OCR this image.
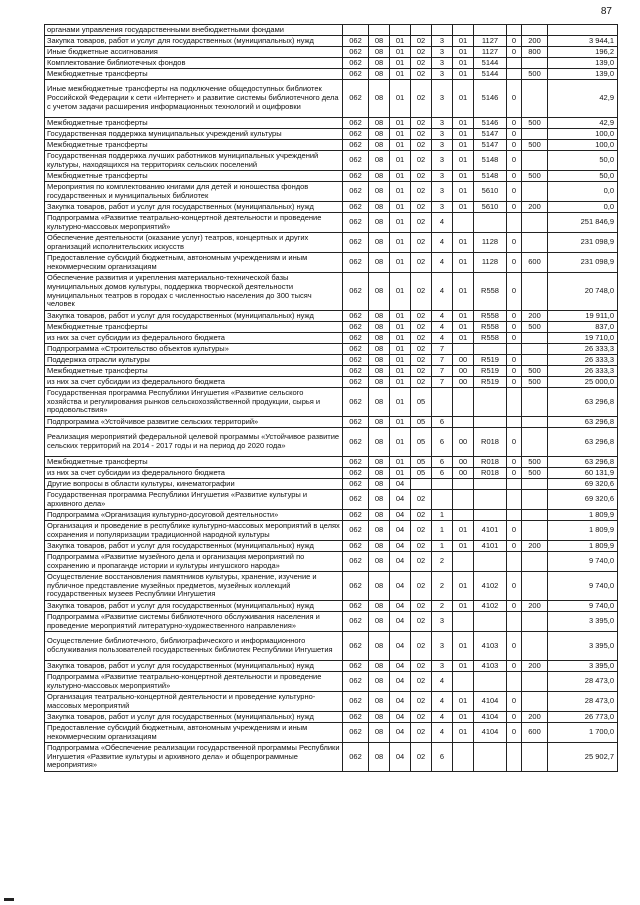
87
органами управления государственными внебюджетными фондами										
Закупка товаров, работ и услуг для государственных (муниципальных) нужд	062	08	01	02	3	01	1127	0	200	3 944,1
Иные бюджетные ассигнования	062	08	01	02	3	01	1127	0	800	196,2
Комплектование библиотечных фондов	062	08	01	02	3	01	5144			139,0
Межбюджетные трансферты	062	08	01	02	3	01	5144		500	139,0
Иные межбюджетные трансферты на подключение общедоступных библиотек Российской Федерации к сети «Интернет» и развитие системы библиотечного дела с учетом задачи расширения информационных технологий и оцифровки	062	08	01	02	3	01	5146	0		42,9
Межбюджетные трансферты	062	08	01	02	3	01	5146	0	500	42,9
Государственная поддержка муниципальных учреждений культуры	062	08	01	02	3	01	5147	0		100,0
Межбюджетные трансферты	062	08	01	02	3	01	5147	0	500	100,0
Государственная поддержка лучших работников муниципальных учреждений культуры, находящихся на территориях сельских поселений	062	08	01	02	3	01	5148	0		50,0
Межбюджетные трансферты	062	08	01	02	3	01	5148	0	500	50,0
Мероприятия по комплектованию книгами для детей и юношества фондов государственных и муниципальных библиотек	062	08	01	02	3	01	5610	0		0,0
Закупка товаров, работ и услуг для государственных (муниципальных) нужд	062	08	01	02	3	01	5610	0	200	0,0
Подпрограмма «Развитие театрально-концертной деятельности и проведение культурно-массовых мероприятий»	062	08	01	02	4					251 846,9
Обеспечение деятельности (оказание услуг) театров, концертных и других организаций исполнительских искусств	062	08	01	02	4	01	1128	0		231 098,9
Предоставление субсидий бюджетным, автономным учреждениям и иным некоммерческим организациям	062	08	01	02	4	01	1128	0	600	231 098,9
Обеспечение развития и укрепления материально-технической базы муниципальных домов культуры, поддержка творческой деятельности муниципальных театров в городах с численностью населения до 300 тысяч человек	062	08	01	02	4	01	R558	0		20 748,0
Закупка товаров, работ и услуг для государственных (муниципальных) нужд	062	08	01	02	4	01	R558	0	200	19 911,0
Межбюджетные трансферты	062	08	01	02	4	01	R558	0	500	837,0
из них за счет субсидии из федерального бюджета	062	08	01	02	4	01	R558	0		19 710,0
Подпрограмма «Строительство объектов культуры»	062	08	01	02	7					26 333,3
Поддержка отрасли культуры	062	08	01	02	7	00	R519	0		26 333,3
Межбюджетные трансферты	062	08	01	02	7	00	R519	0	500	26 333,3
из них за счет субсидии из федерального бюджета	062	08	01	02	7	00	R519	0	500	25 000,0
Государственная программа Республики Ингушетия «Развитие сельского хозяйства и регулирования рынков сельскохозяйственной продукции, сырья и продовольствия»	062	08	01	05						63 296,8
Подпрограмма «Устойчивое развитие сельских территорий»	062	08	01	05	6					63 296,8
Реализация мероприятий федеральной целевой программы «Устойчивое развитие сельских территорий на 2014 - 2017 годы и на период до 2020 года»	062	08	01	05	6	00	R018	0		63 296,8
Межбюджетные трансферты	062	08	01	05	6	00	R018	0	500	63 296,8
из них за счет субсидии из федерального бюджета	062	08	01	05	6	00	R018	0	500	60 131,9
Другие вопросы в области культуры, кинематографии	062	08	04							69 320,6
Государственная программа Республики Ингушетия «Развитие культуры и архивного дела»	062	08	04	02						69 320,6
Подпрограмма «Организация культурно-досуговой деятельности»	062	08	04	02	1					1 809,9
Организация и проведение в республике культурно-массовых мероприятий в целях сохранения и популяризации традиционной народной культуры	062	08	04	02	1	01	4101	0		1 809,9
Закупка товаров, работ и услуг для государственных (муниципальных) нужд	062	08	04	02	1	01	4101	0	200	1 809,9
Подпрограмма «Развитие музейного дела и организация мероприятий по сохранению и пропаганде истории и культуры ингушского народа»	062	08	04	02	2					9 740,0
Осуществление восстановления памятников культуры, хранение, изучение и публичное представление музейных предметов, музейных коллекций государственных музеев Республики Ингушетия	062	08	04	02	2	01	4102	0		9 740,0
Закупка товаров, работ и услуг для государственных (муниципальных) нужд	062	08	04	02	2	01	4102	0	200	9 740,0
Подпрограмма «Развитие системы библиотечного обслуживания населения и проведение мероприятий литературно-художественного направления»	062	08	04	02	3					3 395,0
Осуществление библиотечного, библиографического и информационного обслуживания пользователей государственных библиотек Республики Ингушетия	062	08	04	02	3	01	4103	0		3 395,0
Закупка товаров, работ и услуг для государственных (муниципальных) нужд	062	08	04	02	3	01	4103	0	200	3 395,0
Подпрограмма «Развитие театрально-концертной деятельности и проведение культурно-массовых мероприятий»	062	08	04	02	4					28 473,0
Организация театрально-концертной деятельности и проведение культурно-массовых мероприятий	062	08	04	02	4	01	4104	0		28 473,0
Закупка товаров, работ и услуг для государственных (муниципальных) нужд	062	08	04	02	4	01	4104	0	200	26 773,0
Предоставление субсидий бюджетным, автономным учреждениям и иным некоммерческим организациям	062	08	04	02	4	01	4104	0	600	1 700,0
Подпрограмма «Обеспечение реализации государственной программы Республики Ингушетия «Развитие культуры и архивного дела» и общепрограммные мероприятия»	062	08	04	02	6					25 902,7
